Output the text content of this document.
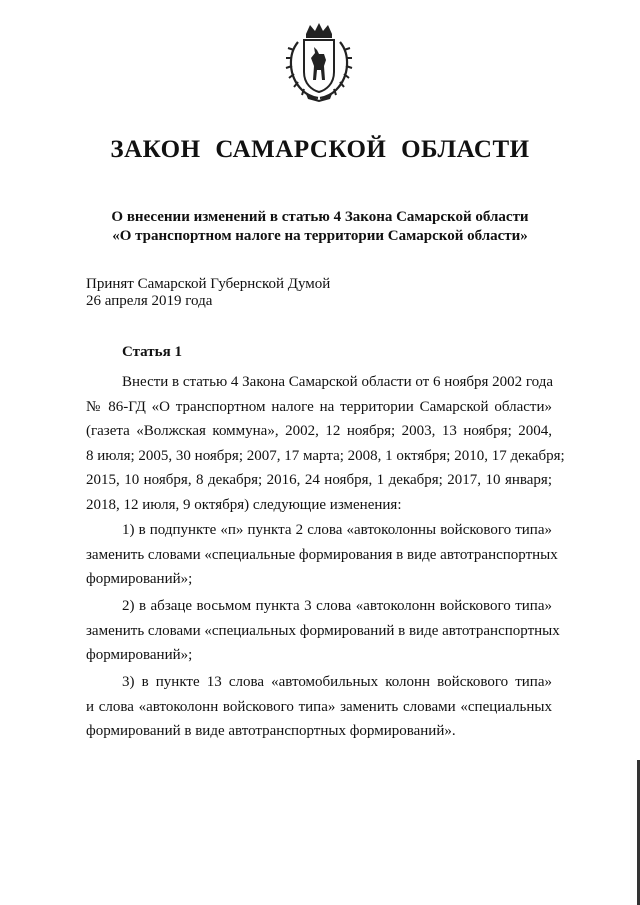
ЗАКОН САМАРСКОЙ ОБЛАСТИ
О внесении изменений в статью 4 Закона Самарской области
«О транспортном налоге на территории Самарской области»
Принят Самарской Губернской Думой
26 апреля 2019 года
Статья 1
Внести в статью 4 Закона Самарской области от 6 ноября 2002 года
№ 86-ГД «О транспортном налоге на территории Самарской области»
(газета «Волжская коммуна», 2002, 12 ноября; 2003, 13 ноября; 2004,
8 июля; 2005, 30 ноября; 2007, 17 марта; 2008, 1 октября; 2010, 17 декабря;
2015, 10 ноября, 8 декабря; 2016, 24 ноября, 1 декабря; 2017, 10 января;
2018, 12 июля, 9 октября) следующие изменения:
1) в подпункте «п» пункта 2 слова «автоколонны войскового типа»
заменить словами «специальные формирования в виде автотранспортных
формирований»;
2) в абзаце восьмом пункта 3 слова «автоколонн войскового типа»
заменить словами «специальных формирований в виде автотранспортных
формирований»;
3) в пункте 13 слова «автомобильных колонн войскового типа»
и слова «автоколонн войскового типа» заменить словами «специальных
формирований в виде автотранспортных формирований».
